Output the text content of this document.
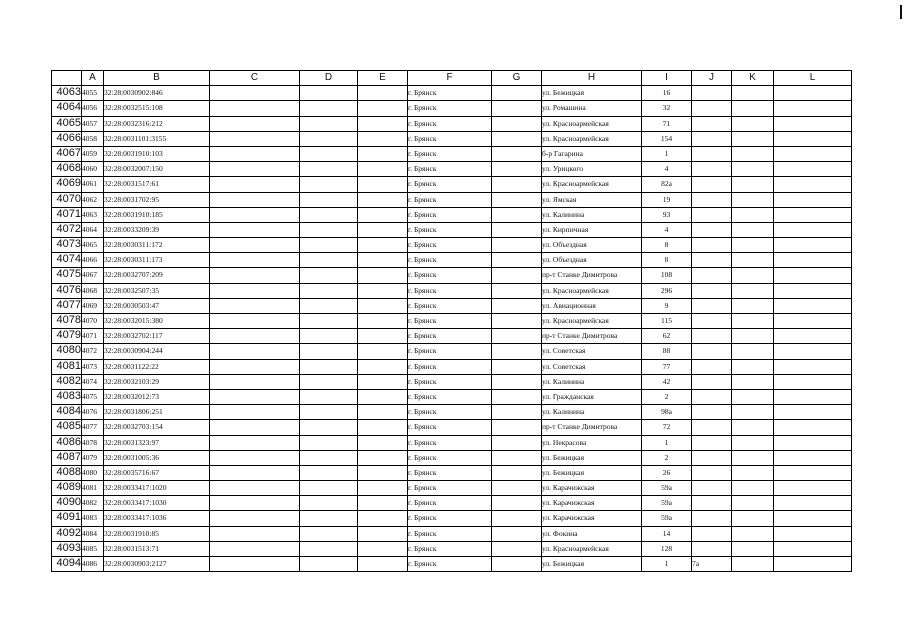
	A	B	C	D	E	F	G	H	I	J	K	L
4063	4055	32:28:0030902:846				г. Брянск		ул. Бежицкая	16			
4064	4056	32:28:0032515:108				г. Брянск		ул. Ромашина	32			
4065	4057	32:28:0032316:212				г. Брянск		ул. Красноармейская	71			
4066	4058	32:28:0031101:3155				г. Брянск		ул. Красноармейская	154			
4067	4059	32:28:0031910:103				г. Брянск		б-р Гагарина	1			
4068	4060	32:28:0032007:150				г. Брянск		ул. Урицкого	4			
4069	4061	32:28:0031517:61				г. Брянск		ул. Красноармейская	82а			
4070	4062	32:28:0031702:95				г. Брянск		ул. Ямская	19			
4071	4063	32:28:0031910:185				г. Брянск		ул. Калинина	93			
4072	4064	32:28:0033209:39				г. Брянск		ул. Кирпичная	4			
4073	4065	32:28:0030311:172				г. Брянск		ул. Объездная	8			
4074	4066	32:28:0030311:173				г. Брянск		ул. Объездная	8			
4075	4067	32:28:0032707:209				г. Брянск		пр-т Станке Димитрова	108			
4076	4068	32:28:0032507:35				г. Брянск		ул. Красноармейская	296			
4077	4069	32:28:0030503:47				г. Брянск		ул. Авиационная	9			
4078	4070	32:28:0032015:380				г. Брянск		ул. Красноармейская	115			
4079	4071	32:28:0032702:117				г. Брянск		пр-т Станке Димитрова	62			
4080	4072	32:28:0030904:244				г. Брянск		ул. Советская	88			
4081	4073	32:28:0031122:22				г. Брянск		ул. Советская	77			
4082	4074	32:28:0032103:29				г. Брянск		ул. Калинина	42			
4083	4075	32:28:0032012:73				г. Брянск		ул. Гражданская	2			
4084	4076	32:28:0031806:251				г. Брянск		ул. Калинина	98а			
4085	4077	32:28:0032703:154				г. Брянск		пр-т Станке Димитрова	72			
4086	4078	32:28:0031323:97				г. Брянск		ул. Некрасова	1			
4087	4079	32:28:0031005:36				г. Брянск		ул. Бежицкая	2			
4088	4080	32:28:0035716:67				г. Брянск		ул. Бежицкая	26			
4089	4081	32:28:0033417:1020				г. Брянск		ул. Карачижская	59а			
4090	4082	32:28:0033417:1030				г. Брянск		ул. Карачижская	59а			
4091	4083	32:28:0033417:1036				г. Брянск		ул. Карачижская	59а			
4092	4084	32:28:0031910:85				г. Брянск		ул. Фокина	14			
4093	4085	32:28:0031513:71				г. Брянск		ул. Красноармейская	128			
4094	4086	32:28:0030903:2127				г. Брянск		ул. Бежицкая	1	7а		
